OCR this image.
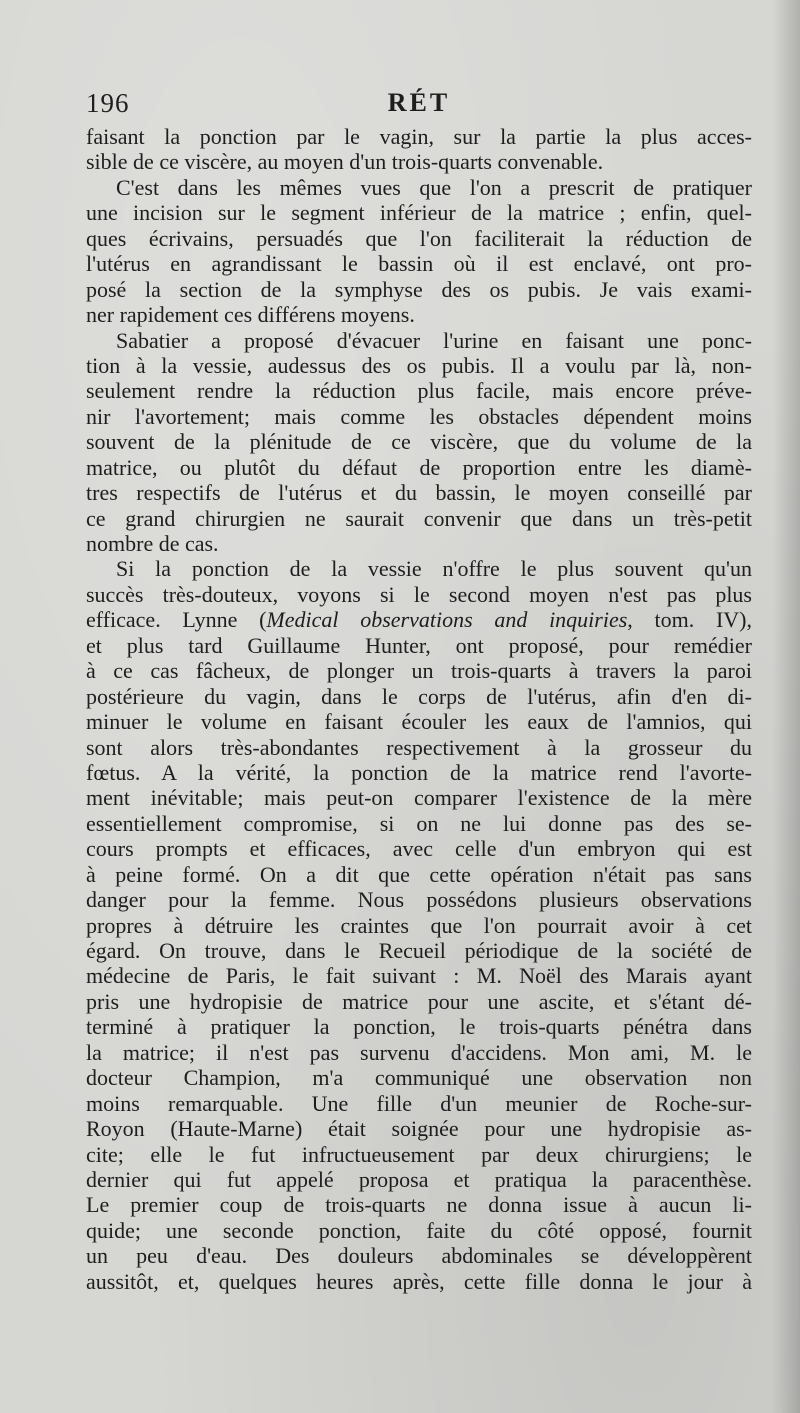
196	RÉT
faisant la ponction par le vagin, sur la partie la plus acces-
sible de ce viscère, au moyen d'un trois-quarts convenable.
C'est dans les mêmes vues que l'on a prescrit de pratiquer
une incision sur le segment inférieur de la matrice ; enfin, quel-
ques écrivains, persuadés que l'on faciliterait la réduction de
l'utérus en agrandissant le bassin où il est enclavé, ont pro-
posé la section de la symphyse des os pubis. Je vais exami-
ner rapidement ces différens moyens.
Sabatier a proposé d'évacuer l'urine en faisant une ponc-
tion à la vessie, audessus des os pubis. Il a voulu par là, non-
seulement rendre la réduction plus facile, mais encore préve-
nir l'avortement; mais comme les obstacles dépendent moins
souvent de la plénitude de ce viscère, que du volume de la
matrice, ou plutôt du défaut de proportion entre les diamè-
tres respectifs de l'utérus et du bassin, le moyen conseillé par
ce grand chirurgien ne saurait convenir que dans un très-petit
nombre de cas.
Si la ponction de la vessie n'offre le plus souvent qu'un
succès très-douteux, voyons si le second moyen n'est pas plus
efficace. Lynne (Medical observations and inquiries, tom. IV),
et plus tard Guillaume Hunter, ont proposé, pour remédier
à ce cas fâcheux, de plonger un trois-quarts à travers la paroi
postérieure du vagin, dans le corps de l'utérus, afin d'en di-
minuer le volume en faisant écouler les eaux de l'amnios, qui
sont alors très-abondantes respectivement à la grosseur du
fœtus. A la vérité, la ponction de la matrice rend l'avorte-
ment inévitable; mais peut-on comparer l'existence de la mère
essentiellement compromise, si on ne lui donne pas des se-
cours prompts et efficaces, avec celle d'un embryon qui est
à peine formé. On a dit que cette opération n'était pas sans
danger pour la femme. Nous possédons plusieurs observations
propres à détruire les craintes que l'on pourrait avoir à cet
égard. On trouve, dans le Recueil périodique de la société de
médecine de Paris, le fait suivant : M. Noël des Marais ayant
pris une hydropisie de matrice pour une ascite, et s'étant dé-
terminé à pratiquer la ponction, le trois-quarts pénétra dans
la matrice; il n'est pas survenu d'accidens. Mon ami, M. le
docteur Champion, m'a communiqué une observation non
moins remarquable. Une fille d'un meunier de Roche-sur-
Royon (Haute-Marne) était soignée pour une hydropisie as-
cite; elle le fut infructueusement par deux chirurgiens; le
dernier qui fut appelé proposa et pratiqua la paracenthèse.
Le premier coup de trois-quarts ne donna issue à aucun li-
quide; une seconde ponction, faite du côté opposé, fournit
un peu d'eau. Des douleurs abdominales se développèrent
aussitôt, et, quelques heures après, cette fille donna le jour à
